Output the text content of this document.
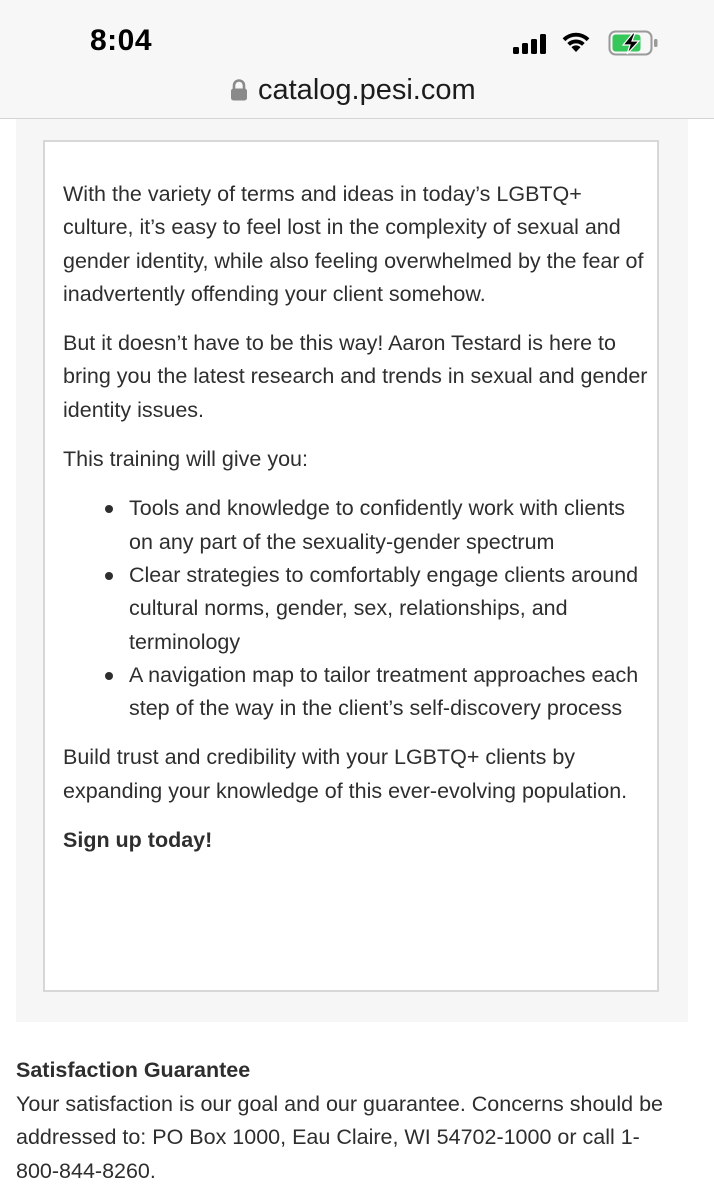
8:04
catalog.pesi.com

With the variety of terms and ideas in today’s LGBTQ+ culture, it’s easy to feel lost in the complexity of sexual and gender identity, while also feeling overwhelmed by the fear of inadvertently offending your client somehow.

But it doesn’t have to be this way! Aaron Testard is here to bring you the latest research and trends in sexual and gender identity issues.

This training will give you:

Tools and knowledge to confidently work with clients on any part of the sexuality-gender spectrum
Clear strategies to comfortably engage clients around cultural norms, gender, sex, relationships, and terminology
A navigation map to tailor treatment approaches each step of the way in the client’s self-discovery process

Build trust and credibility with your LGBTQ+ clients by expanding your knowledge of this ever-evolving population.

Sign up today!

Satisfaction Guarantee
Your satisfaction is our goal and our guarantee. Concerns should be addressed to: PO Box 1000, Eau Claire, WI 54702-1000 or call 1-800-844-8260.
